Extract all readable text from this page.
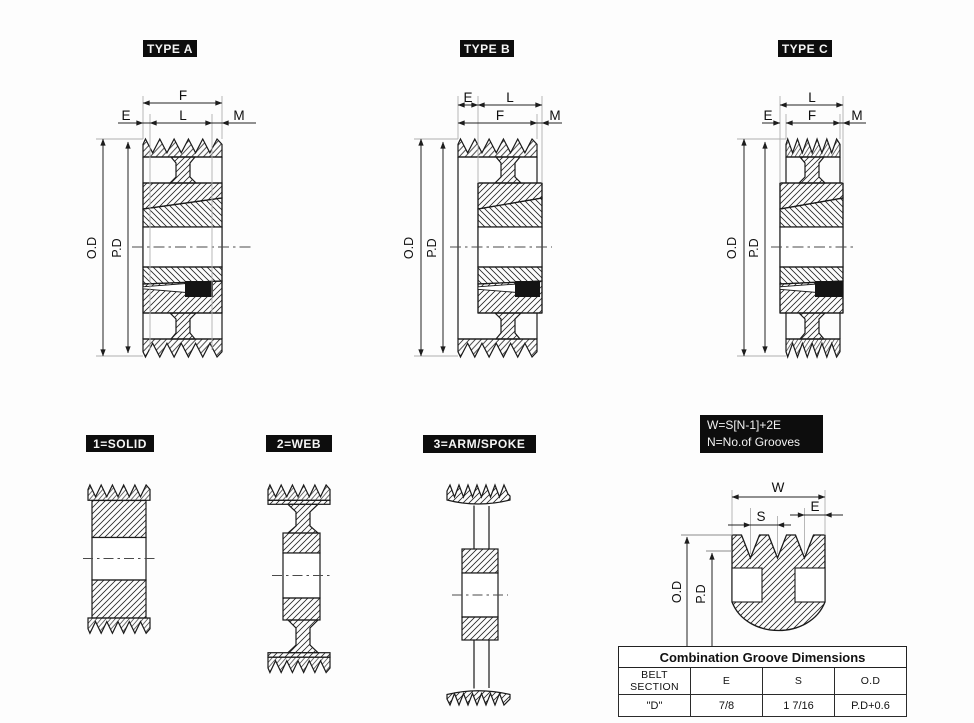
F
E	L	M
O.D P.D
E L
F	M
O.D P.D
L
E	F	M
O.D P.D
W
S
E
O.D P.D
TYPE A	TYPE B	TYPE C
1=SOLID	2=WEB	3=ARM/SPOKE
W=S[N-1]+2E
N=No.of Grooves
Combination Groove Dimensions			
BELT SECTION	E	S	O.D
"D"	7/8	1 7/16	P.D+0.6
